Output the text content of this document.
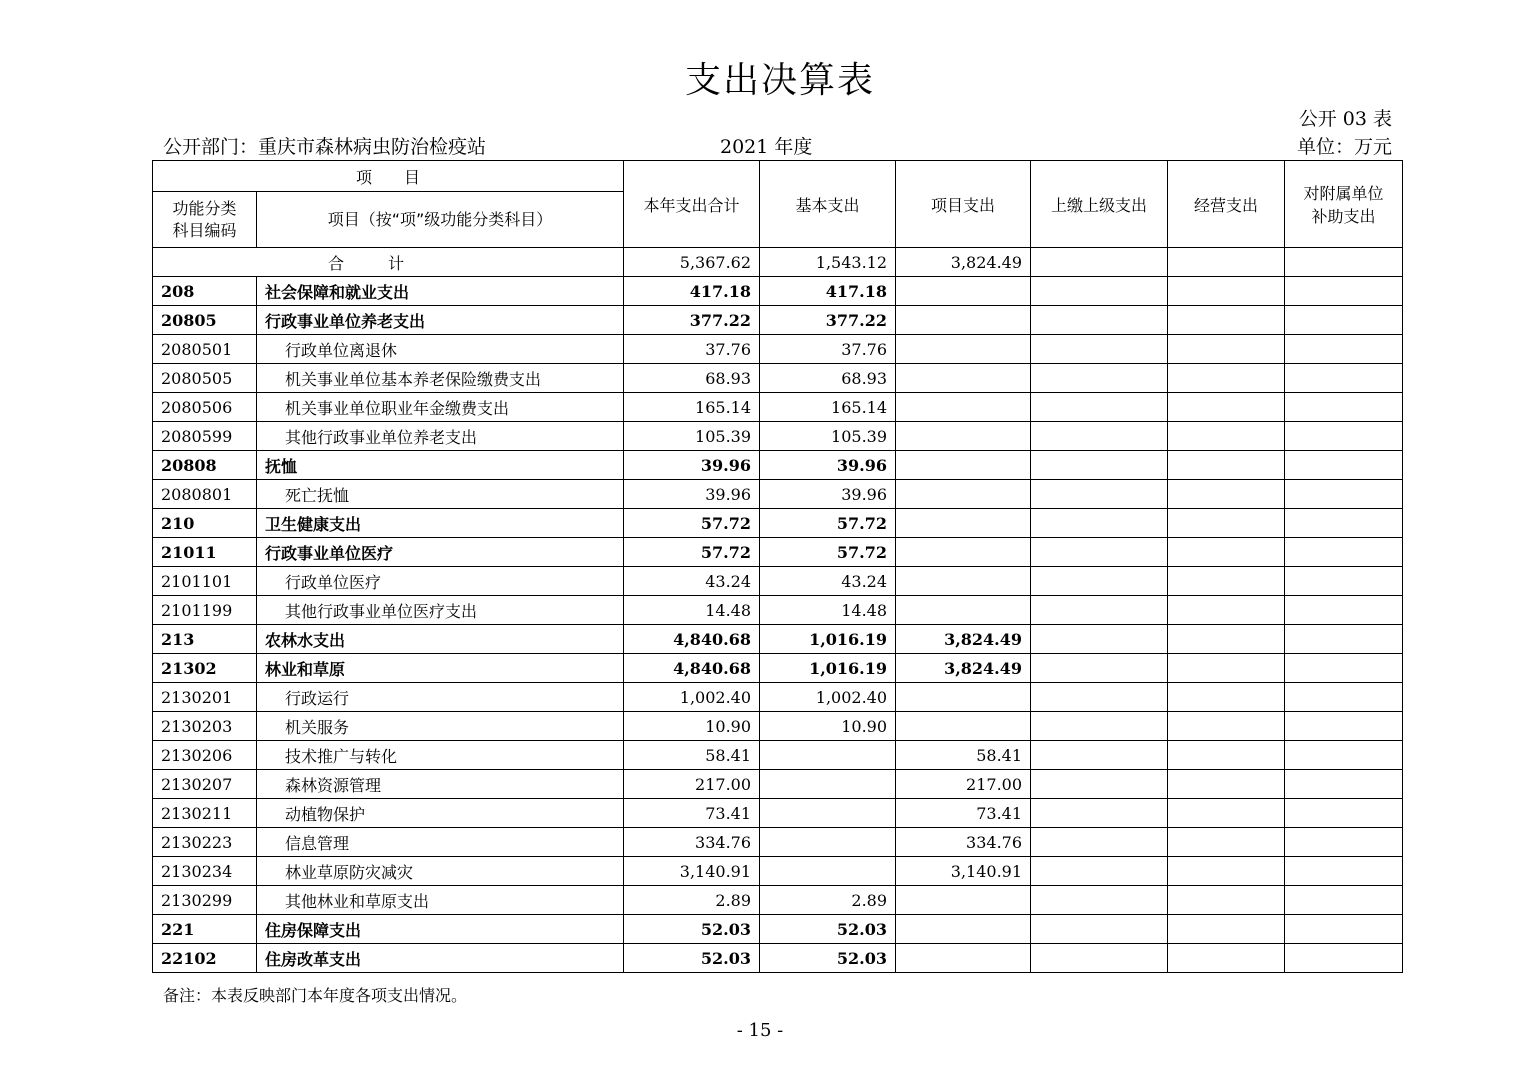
支出决算表
公开 03 表
公开部门：重庆市森林病虫防治检疫站	2021 年度	单位：万元
项　　目		本年支出合计	基本支出	项目支出	上缴上级支出	经营支出	对附属单位
补助支出
功能分类
科目编码	项目（按“项”级功能分类科目）						
合计		5,367.62	1,543.12	3,824.49			
208	社会保障和就业支出	417.18	417.18				
20805	行政事业单位养老支出	377.22	377.22				
2080501	行政单位离退休	37.76	37.76				
2080505	机关事业单位基本养老保险缴费支出	68.93	68.93				
2080506	机关事业单位职业年金缴费支出	165.14	165.14				
2080599	其他行政事业单位养老支出	105.39	105.39				
20808	抚恤	39.96	39.96				
2080801	死亡抚恤	39.96	39.96				
210	卫生健康支出	57.72	57.72				
21011	行政事业单位医疗	57.72	57.72				
2101101	行政单位医疗	43.24	43.24				
2101199	其他行政事业单位医疗支出	14.48	14.48				
213	农林水支出	4,840.68	1,016.19	3,824.49			
21302	林业和草原	4,840.68	1,016.19	3,824.49			
2130201	行政运行	1,002.40	1,002.40				
2130203	机关服务	10.90	10.90				
2130206	技术推广与转化	58.41		58.41			
2130207	森林资源管理	217.00		217.00			
2130211	动植物保护	73.41		73.41			
2130223	信息管理	334.76		334.76			
2130234	林业草原防灾减灾	3,140.91		3,140.91			
2130299	其他林业和草原支出	2.89	2.89				
221	住房保障支出	52.03	52.03				
22102	住房改革支出	52.03	52.03				
备注：本表反映部门本年度各项支出情况。
- 15 -
